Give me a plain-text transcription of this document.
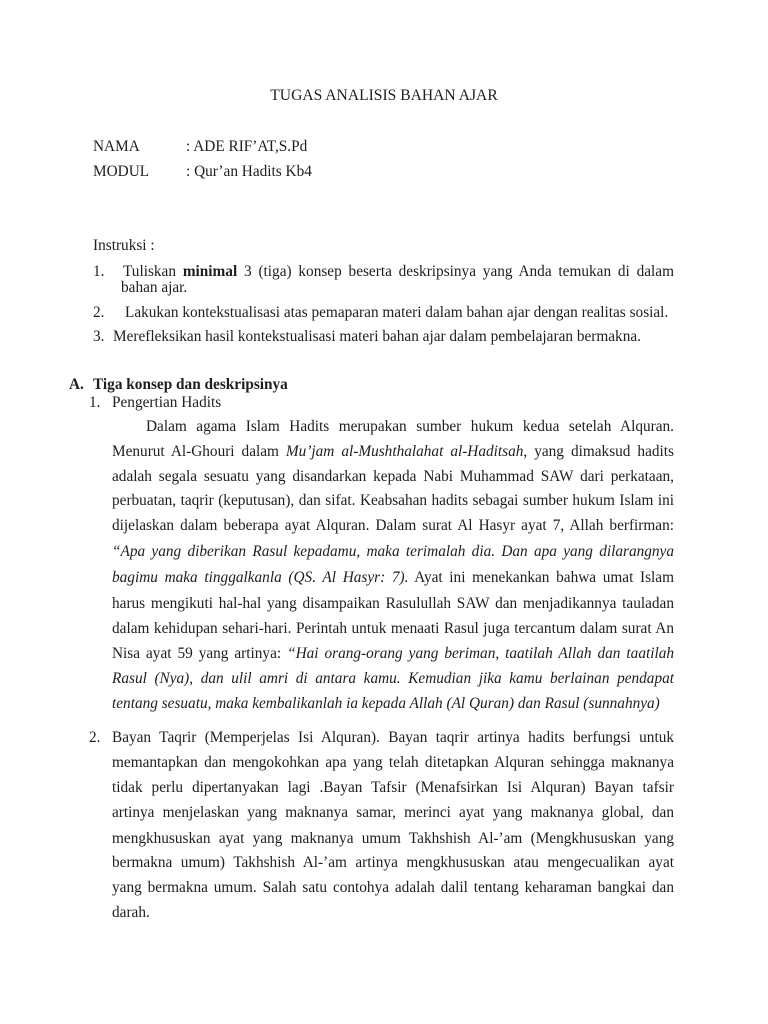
TUGAS ANALISIS BAHAN AJAR
NAMA	: ADE RIF’AT,S.Pd
MODUL : Qur’an Hadits Kb4
Instruksi :
1. Tuliskan minimal 3 (tiga) konsep beserta deskripsinya yang Anda temukan di dalam
bahan ajar.
2. Lakukan kontekstualisasi atas pemaparan materi dalam bahan ajar dengan realitas sosial.
3. Merefleksikan hasil kontekstualisasi materi bahan ajar dalam pembelajaran bermakna.
A. Tiga konsep dan deskripsinya
1. Pengertian Hadits
Dalam agama Islam Hadits merupakan sumber hukum kedua setelah Alquran.
Menurut Al-Ghouri dalam Mu’jam al-Mushthalahat al-Haditsah, yang dimaksud hadits
adalah segala sesuatu yang disandarkan kepada Nabi Muhammad SAW dari perkataan,
perbuatan, taqrir (keputusan), dan sifat. Keabsahan hadits sebagai sumber hukum Islam ini
dijelaskan dalam beberapa ayat Alquran. Dalam surat Al Hasyr ayat 7, Allah berfirman:
“Apa yang diberikan Rasul kepadamu, maka terimalah dia. Dan apa yang dilarangnya
bagimu maka tinggalkanla (QS. Al Hasyr: 7). Ayat ini menekankan bahwa umat Islam
harus mengikuti hal-hal yang disampaikan Rasulullah SAW dan menjadikannya tauladan
dalam kehidupan sehari-hari. Perintah untuk menaati Rasul juga tercantum dalam surat An
Nisa ayat 59 yang artinya: “Hai orang-orang yang beriman, taatilah Allah dan taatilah
Rasul (Nya), dan ulil amri di antara kamu. Kemudian jika kamu berlainan pendapat
tentang sesuatu, maka kembalikanlah ia kepada Allah (Al Quran) dan Rasul (sunnahnya)
2. Bayan Taqrir (Memperjelas Isi Alquran). Bayan taqrir artinya hadits berfungsi untuk
memantapkan dan mengokohkan apa yang telah ditetapkan Alquran sehingga maknanya
tidak perlu dipertanyakan lagi .Bayan Tafsir (Menafsirkan Isi Alquran) Bayan tafsir
artinya menjelaskan yang maknanya samar, merinci ayat yang maknanya global, dan
mengkhususkan ayat yang maknanya umum Takhshish Al-’am (Mengkhususkan yang
bermakna umum) Takhshish Al-’am artinya mengkhususkan atau mengecualikan ayat
yang bermakna umum. Salah satu contohya adalah dalil tentang keharaman bangkai dan
darah.
